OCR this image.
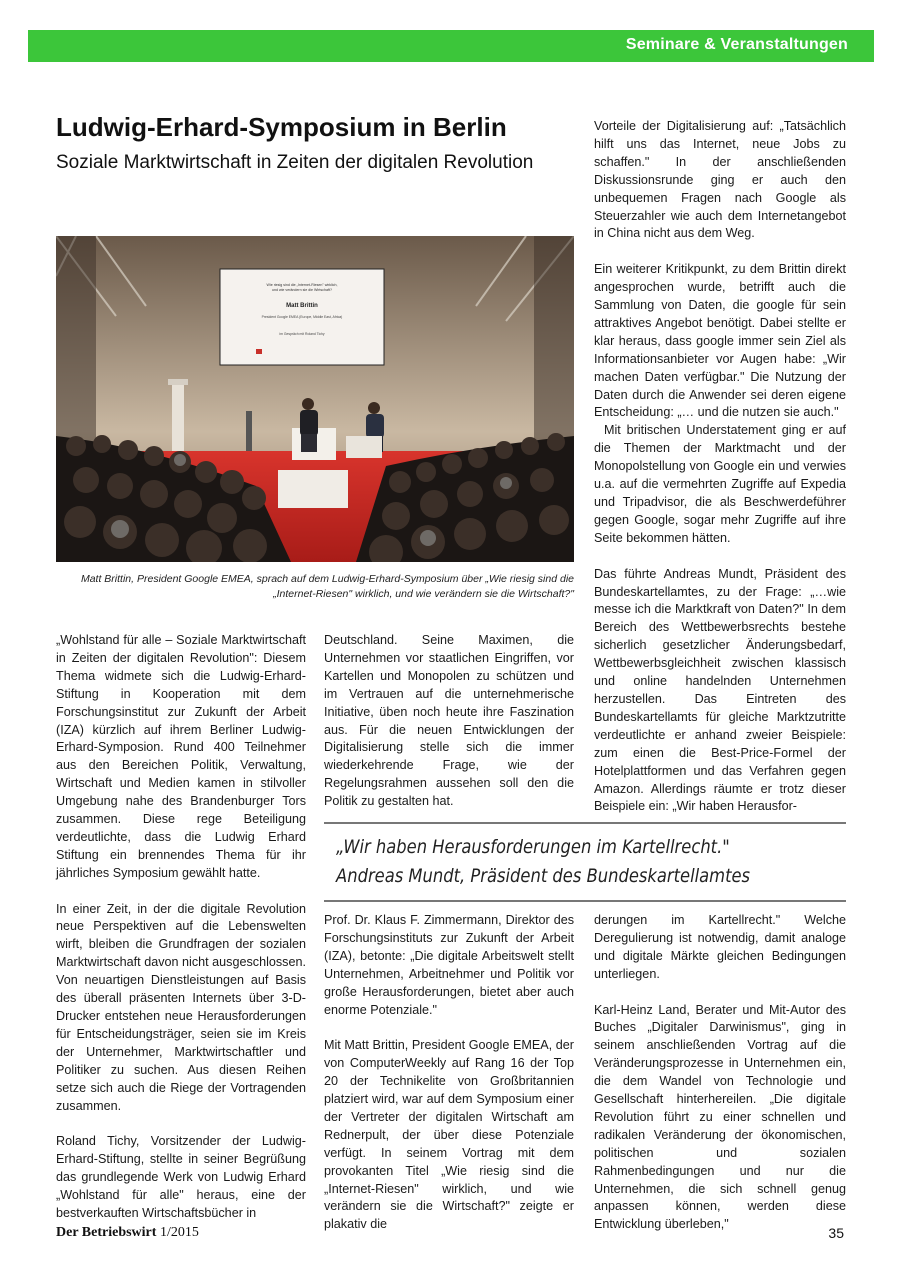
Seminare & Veranstaltungen
Ludwig-Erhard-Symposium in Berlin
Soziale Marktwirtschaft in Zeiten der digitalen Revolution
Wie riesig sind die „Internet-Riesen" wirklich,
und wie verändern sie die Wirtschaft?
Matt Brittin
President Google EMEA (Europe, Middle East, Africa)
im Gespräch mit Roland Tichy
Matt Brittin, President Google EMEA, sprach auf dem Ludwig-Erhard-Symposium über „Wie riesig sind die „Internet-Riesen" wirklich, und wie verändern sie die Wirtschaft?"

„Wohlstand für alle – Soziale Marktwirtschaft in Zeiten der digitalen Revolution": Diesem Thema widmete sich die Ludwig-Erhard-Stiftung in Kooperation mit dem Forschungsinstitut zur Zukunft der Arbeit (IZA) kürzlich auf ihrem Berliner Ludwig-Erhard-Symposion. Rund 400 Teilnehmer aus den Bereichen Politik, Verwaltung, Wirtschaft und Medien kamen in stilvoller Umgebung nahe des Brandenburger Tors zusammen. Diese rege Beteiligung verdeutlichte, dass die Ludwig Erhard Stiftung ein brennendes Thema für ihr jährliches Symposium gewählt hatte.

In einer Zeit, in der die digitale Revolution neue Perspektiven auf die Lebenswelten wirft, bleiben die Grundfragen der sozialen Marktwirtschaft davon nicht ausgeschlossen. Von neuartigen Dienstleistungen auf Basis des überall präsenten Internets über 3-D-Drucker entstehen neue Herausforderungen für Entscheidungsträger, seien sie im Kreis der Unternehmer, Marktwirtschaftler und Politiker zu suchen. Aus diesen Reihen setze sich auch die Riege der Vortragenden zusammen.

Roland Tichy, Vorsitzender der Ludwig-Erhard-Stiftung, stellte in seiner Begrüßung das grundlegende Werk von Ludwig Erhard „Wohlstand für alle" heraus, eine der bestverkauften Wirtschaftsbücher in

Deutschland. Seine Maximen, die Unternehmen vor staatlichen Eingriffen, vor Kartellen und Monopolen zu schützen und im Vertrauen auf die unternehmerische Initiative, üben noch heute ihre Faszination aus. Für die neuen Entwicklungen der Digitalisierung stelle sich die immer wiederkehrende Frage, wie der Regelungsrahmen aussehen soll den die Politik zu gestalten hat.

Vorteile der Digitalisierung auf: „Tatsächlich hilft uns das Internet, neue Jobs zu schaffen." In der anschließenden Diskussionsrunde ging er auch den unbequemen Fragen nach Google als Steuerzahler wie auch dem Internetangebot in China nicht aus dem Weg.

Ein weiterer Kritikpunkt, zu dem Brittin direkt angesprochen wurde, betrifft auch die Sammlung von Daten, die google für sein attraktives Angebot benötigt. Dabei stellte er klar heraus, dass google immer sein Ziel als Informationsanbieter vor Augen habe: „Wir machen Daten verfügbar." Die Nutzung der Daten durch die Anwender sei deren eigene Entscheidung: „… und die nutzen sie auch."

Mit britischen Understatement ging er auf die Themen der Marktmacht und der Monopolstellung von Google ein und verwies u.a. auf die vermehrten Zugriffe auf Expedia und Tripadvisor, die als Beschwerdeführer gegen Google, sogar mehr Zugriffe auf ihre Seite bekommen hätten.

Das führte Andreas Mundt, Präsident des Bundeskartellamtes, zu der Frage: „…wie messe ich die Marktkraft von Daten?" In dem Bereich des Wettbewerbsrechts bestehe sicherlich gesetzlicher Änderungsbedarf, Wettbewerbsgleichheit zwischen klassisch und online handelnden Unternehmen herzustellen. Das Eintreten des Bundeskartellamts für gleiche Marktzutritte verdeutlichte er anhand zweier Beispiele: zum einen die Best-Price-Formel der Hotelplattformen und das Verfahren gegen Amazon. Allerdings räumte er trotz dieser Beispiele ein: „Wir haben Herausfor-

„Wir haben Herausforderungen im Kartellrecht."
Andreas Mundt, Präsident des Bundeskartellamtes

Prof. Dr. Klaus F. Zimmermann, Direktor des Forschungsinstituts zur Zukunft der Arbeit (IZA), betonte: „Die digitale Arbeitswelt stellt Unternehmen, Arbeitnehmer und Politik vor große Herausforderungen, bietet aber auch enorme Potenziale."

Mit Matt Brittin, President Google EMEA, der von ComputerWeekly auf Rang 16 der Top 20 der Technikelite von Großbritannien platziert wird, war auf dem Symposium einer der Vertreter der digitalen Wirtschaft am Rednerpult, der über diese Potenziale verfügt. In seinem Vortrag mit dem provokanten Titel „Wie riesig sind die „Internet-Riesen" wirklich, und wie verändern sie die Wirtschaft?" zeigte er plakativ die

derungen im Kartellrecht." Welche Deregulierung ist notwendig, damit analoge und digitale Märkte gleichen Bedingungen unterliegen.

Karl-Heinz Land, Berater und Mit-Autor des Buches „Digitaler Darwinismus", ging in seinem anschließenden Vortrag auf die Veränderungsprozesse in Unternehmen ein, die dem Wandel von Technologie und Gesellschaft hinterhereilen. „Die digitale Revolution führt zu einer schnellen und radikalen Veränderung der ökonomischen, politischen und sozialen Rahmenbedingungen und nur die Unternehmen, die sich schnell genug anpassen können, werden diese Entwicklung überleben,"

Der Betriebswirt 1/2015	35
